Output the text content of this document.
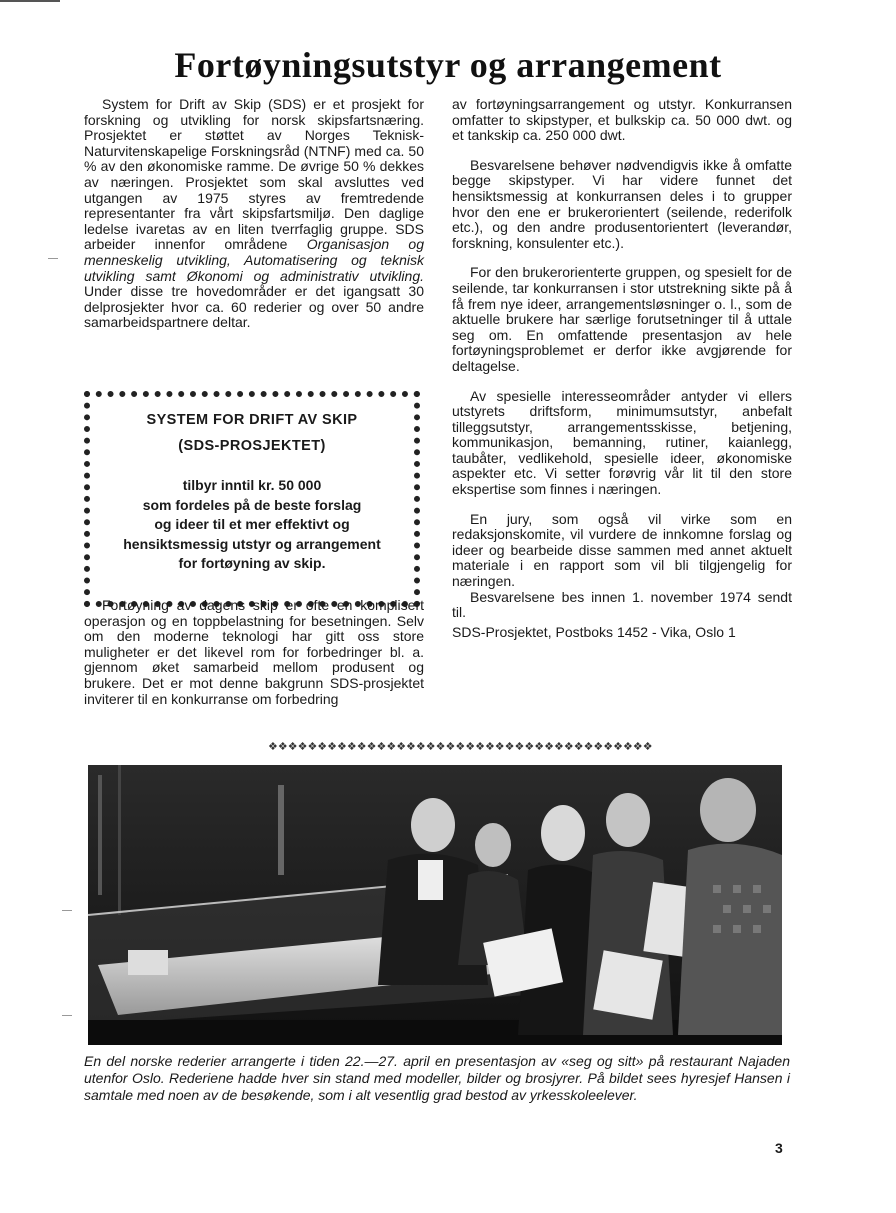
Fortøyningsutstyr og arrangement

System for Drift av Skip (SDS) er et prosjekt for forskning og utvikling for norsk skipsfartsnæring. Prosjektet er støttet av Norges Teknisk-Naturvitenskapelige Forskningsråd (NTNF) med ca. 50 % av den økonomiske ramme. De øvrige 50 % dekkes av næringen. Prosjektet som skal avsluttes ved utgangen av 1975 styres av fremtredende representanter fra vårt skipsfartsmiljø. Den daglige ledelse ivaretas av en liten tverrfaglig gruppe. SDS arbeider innenfor områdene Organisasjon og menneskelig utvikling, Automatisering og teknisk utvikling samt Økonomi og administrativ utvikling. Under disse tre hovedområder er det igangsatt 30 delprosjekter hvor ca. 60 rederier og over 50 andre samarbeidspartnere deltar.

SYSTEM FOR DRIFT AV SKIP
(SDS-PROSJEKTET)
tilbyr inntil kr. 50 000
som fordeles på de beste forslag
og ideer til et mer effektivt og
hensiktsmessig utstyr og arrangement
for fortøyning av skip.

Fortøyning av dagens skip er ofte en komplisert operasjon og en toppbelastning for besetningen. Selv om den moderne teknologi har gitt oss store muligheter er det likevel rom for forbedringer bl. a. gjennom øket samarbeid mellom produsent og brukere. Det er mot denne bakgrunn SDS-prosjektet inviterer til en konkurranse om forbedring

av fortøyningsarrangement og utstyr. Konkurransen omfatter to skipstyper, et bulkskip ca. 50 000 dwt. og et tankskip ca. 250 000 dwt.

Besvarelsene behøver nødvendigvis ikke å omfatte begge skipstyper. Vi har videre funnet det hensiktsmessig at konkurransen deles i to grupper hvor den ene er brukerorientert (seilende, rederifolk etc.), og den andre produsentorientert (leverandør, forskning, konsulenter etc.).

For den brukerorienterte gruppen, og spesielt for de seilende, tar konkurransen i stor utstrekning sikte på å få frem nye ideer, arrangementsløsninger o. l., som de aktuelle brukere har særlige forutsetninger til å uttale seg om. En omfattende presentasjon av hele fortøyningsproblemet er derfor ikke avgjørende for deltagelse.

Av spesielle interesseområder antyder vi ellers utstyrets driftsform, minimumsutstyr, anbefalt tilleggsutstyr, arrangementsskisse, betjening, kommunikasjon, bemanning, rutiner, kaianlegg, taubåter, vedlikehold, spesielle ideer, økonomiske aspekter etc. Vi setter forøvrig vår lit til den store ekspertise som finnes i næringen.

En jury, som også vil virke som en redaksjonskomite, vil vurdere de innkomne forslag og ideer og bearbeide disse sammen med annet aktuelt materiale i en rapport som vil bli tilgjengelig for næringen.

Besvarelsene bes innen 1. november 1974 sendt til.

SDS-Prosjektet, Postboks 1452 - Vika, Oslo 1

❖❖❖❖❖❖❖❖❖❖❖❖❖❖❖❖❖❖❖❖❖❖❖❖❖❖❖❖❖❖❖❖❖❖❖❖❖❖❖

En del norske rederier arrangerte i tiden 22.—27. april en presentasjon av «seg og sitt» på restaurant Najaden utenfor Oslo. Rederiene hadde hver sin stand med modeller, bilder og brosjyrer. På bildet sees hyresjef Hansen i samtale med noen av de besøkende, som i alt vesentlig grad bestod av yrkesskoleelever.

3
